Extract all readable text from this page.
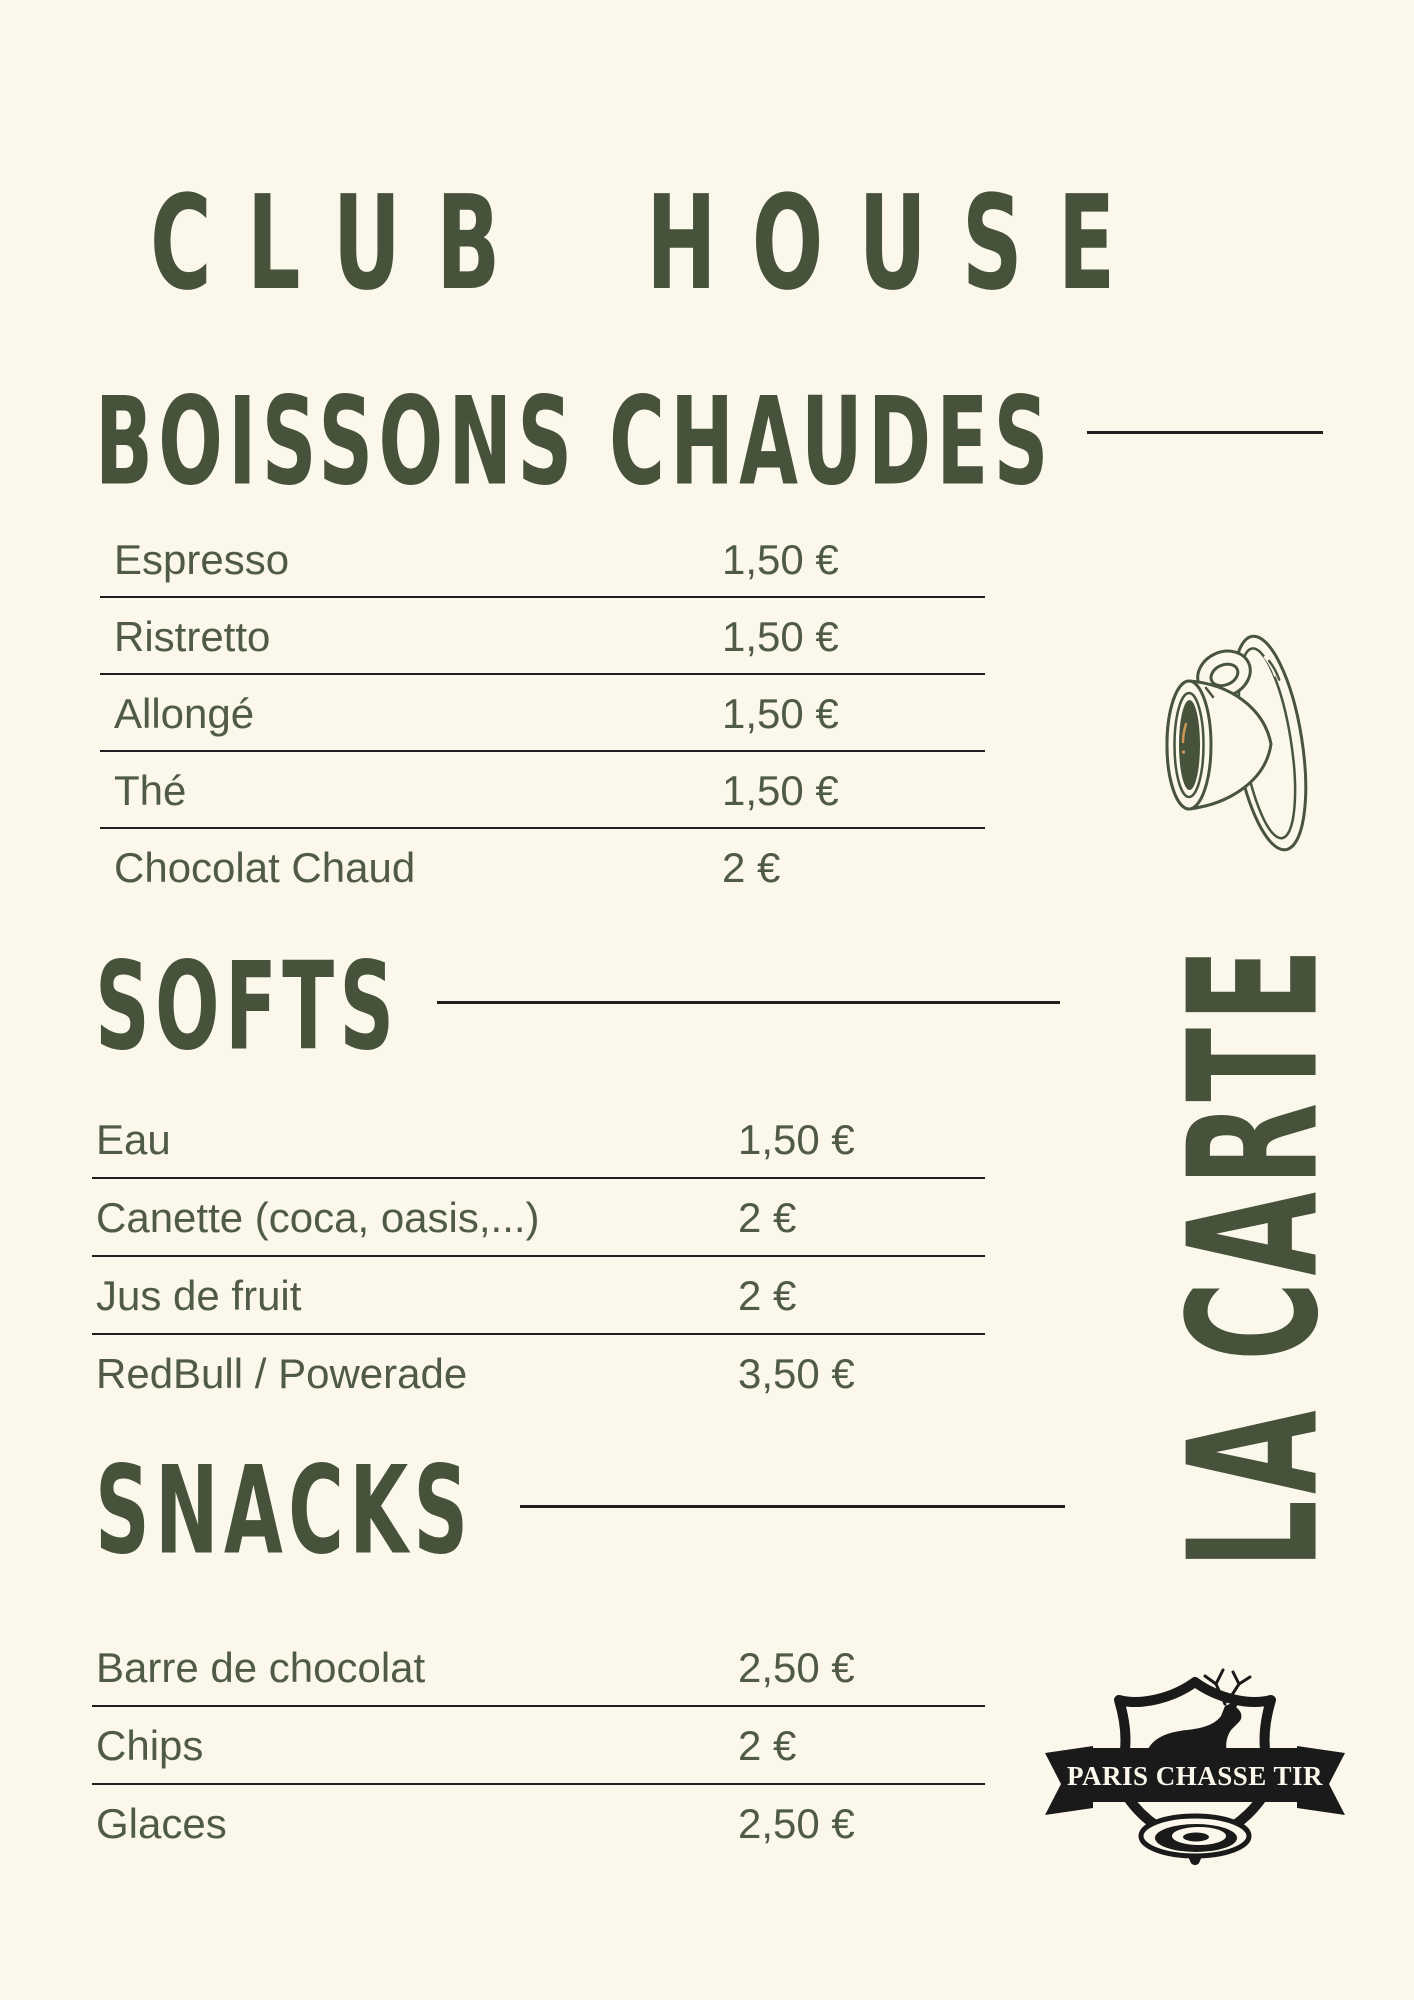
CLUB HOUSE
BOISSONS CHAUDES
SOFTS
SNACKS
Espresso	1,50 €
Ristretto	1,50 €
Allongé	1,50 €
Thé	1,50 €
Chocolat Chaud	2 €
Eau	1,50 €
Canette (coca, oasis,...)	2 €
Jus de fruit	2 €
RedBull / Powerade	3,50 €
Barre de chocolat	2,50 €
Chips	2 €
Glaces	2,50 €
LA CARTE
PARIS CHASSE TIR
